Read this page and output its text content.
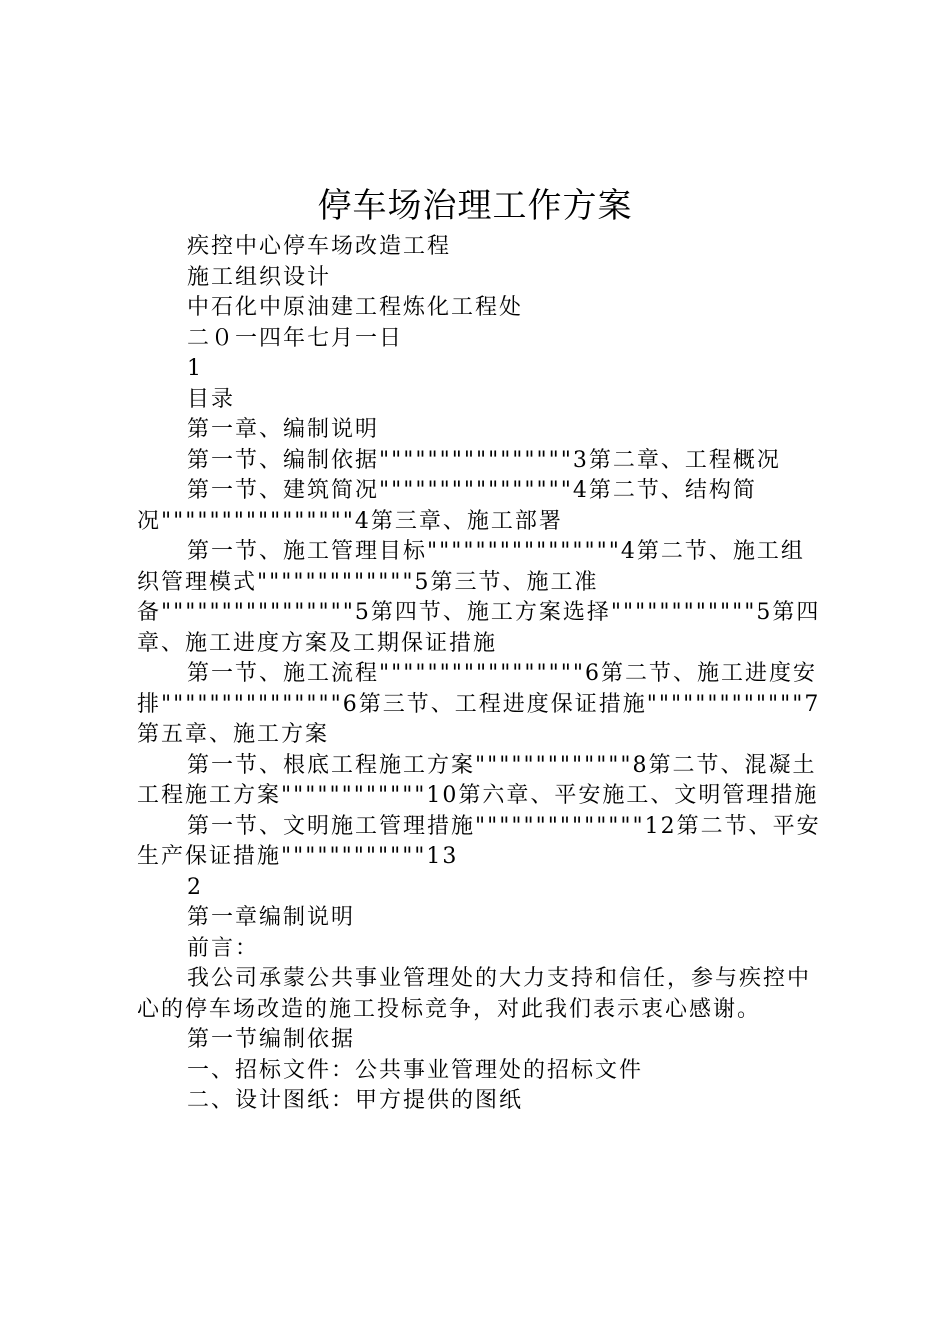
停车场治理工作方案

疾控中心停车场改造工程

施工组织设计

中石化中原油建工程炼化工程处

二０一四年七月一日

1

目录

第一章、编制说明

第一节、编制依据""""""""""""""""3第二章、工程概况

第一节、建筑简况""""""""""""""""4第二节、结构简况""""""""""""""""4第三章、施工部署

第一节、施工管理目标""""""""""""""""4第二节、施工组织管理模式"""""""""""""5第三节、施工准备""""""""""""""""5第四节、施工方案选择""""""""""""5第四章、施工进度方案及工期保证措施

第一节、施工流程"""""""""""""""""6第二节、施工进度安排"""""""""""""""6第三节、工程进度保证措施"""""""""""""7第五章、施工方案

第一节、根底工程施工方案"""""""""""""8第二节、混凝土工程施工方案""""""""""""10第六章、平安施工、文明管理措施

第一节、文明施工管理措施""""""""""""""12第二节、平安生产保证措施""""""""""""13

2

第一章编制说明

前言：

我公司承蒙公共事业管理处的大力支持和信任，参与疾控中心的停车场改造的施工投标竞争，对此我们表示衷心感谢。

第一节编制依据

一、招标文件：公共事业管理处的招标文件

二、设计图纸：甲方提供的图纸
